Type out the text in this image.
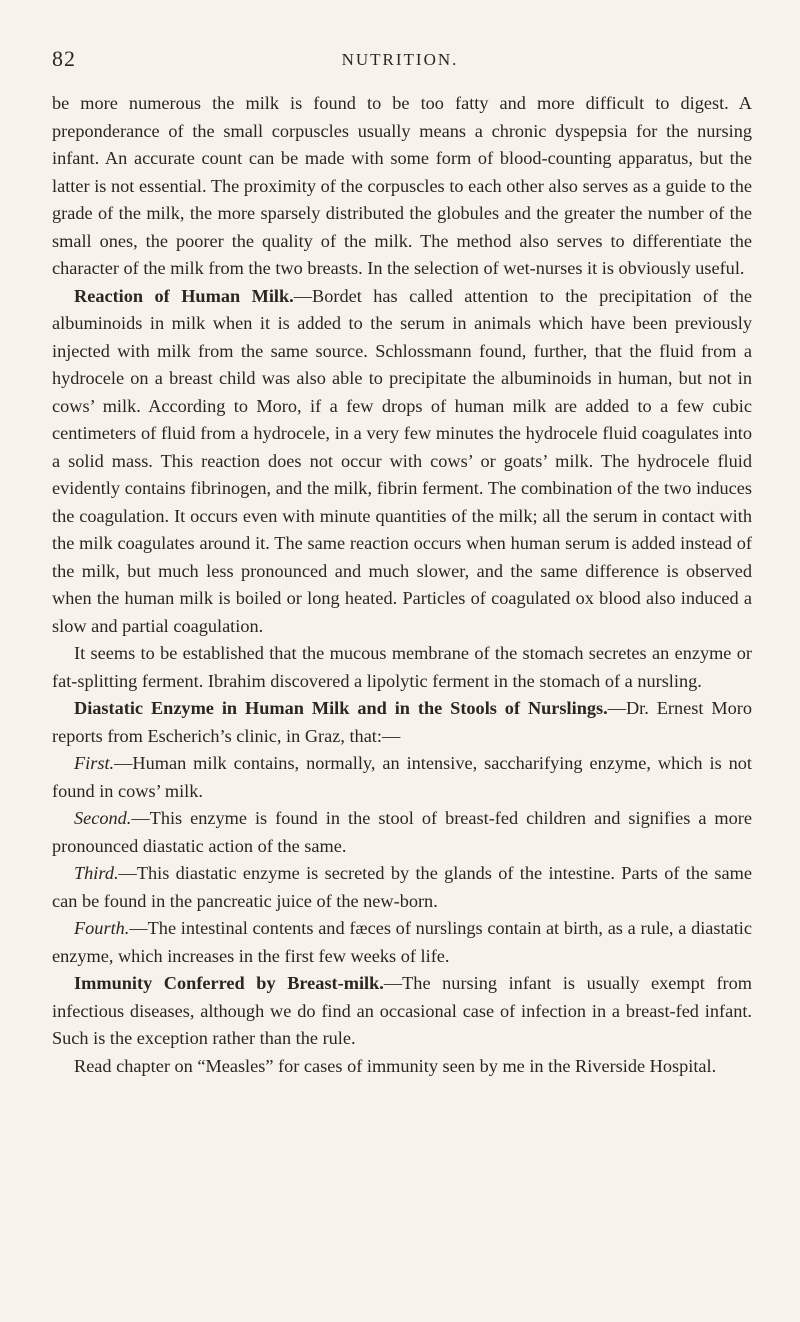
82	NUTRITION.

be more numerous the milk is found to be too fatty and more difficult to digest. A preponderance of the small corpuscles usually means a chronic dyspepsia for the nursing infant. An accurate count can be made with some form of blood-counting apparatus, but the latter is not essential. The proximity of the corpuscles to each other also serves as a guide to the grade of the milk, the more sparsely distributed the globules and the greater the number of the small ones, the poorer the quality of the milk. The method also serves to differentiate the character of the milk from the two breasts. In the selection of wet-nurses it is obviously useful.

Reaction of Human Milk.—Bordet has called attention to the precipitation of the albuminoids in milk when it is added to the serum in animals which have been previously injected with milk from the same source. Schlossmann found, further, that the fluid from a hydrocele on a breast child was also able to precipitate the albuminoids in human, but not in cows’ milk. According to Moro, if a few drops of human milk are added to a few cubic centimeters of fluid from a hydrocele, in a very few minutes the hydrocele fluid coagulates into a solid mass. This reaction does not occur with cows’ or goats’ milk. The hydrocele fluid evidently contains fibrinogen, and the milk, fibrin ferment. The combination of the two induces the coagulation. It occurs even with minute quantities of the milk; all the serum in contact with the milk coagulates around it. The same reaction occurs when human serum is added instead of the milk, but much less pronounced and much slower, and the same difference is observed when the human milk is boiled or long heated. Particles of coagulated ox blood also induced a slow and partial coagulation.

It seems to be established that the mucous membrane of the stomach secretes an enzyme or fat-splitting ferment. Ibrahim discovered a lipolytic ferment in the stomach of a nursling.

Diastatic Enzyme in Human Milk and in the Stools of Nurslings.—Dr. Ernest Moro reports from Escherich’s clinic, in Graz, that:—

First.—Human milk contains, normally, an intensive, saccharifying enzyme, which is not found in cows’ milk.

Second.—This enzyme is found in the stool of breast-fed children and signifies a more pronounced diastatic action of the same.

Third.—This diastatic enzyme is secreted by the glands of the intestine. Parts of the same can be found in the pancreatic juice of the new-born.

Fourth.—The intestinal contents and fæces of nurslings contain at birth, as a rule, a diastatic enzyme, which increases in the first few weeks of life.

Immunity Conferred by Breast-milk.—The nursing infant is usually exempt from infectious diseases, although we do find an occasional case of infection in a breast-fed infant. Such is the exception rather than the rule.

Read chapter on “Measles” for cases of immunity seen by me in the Riverside Hospital.
